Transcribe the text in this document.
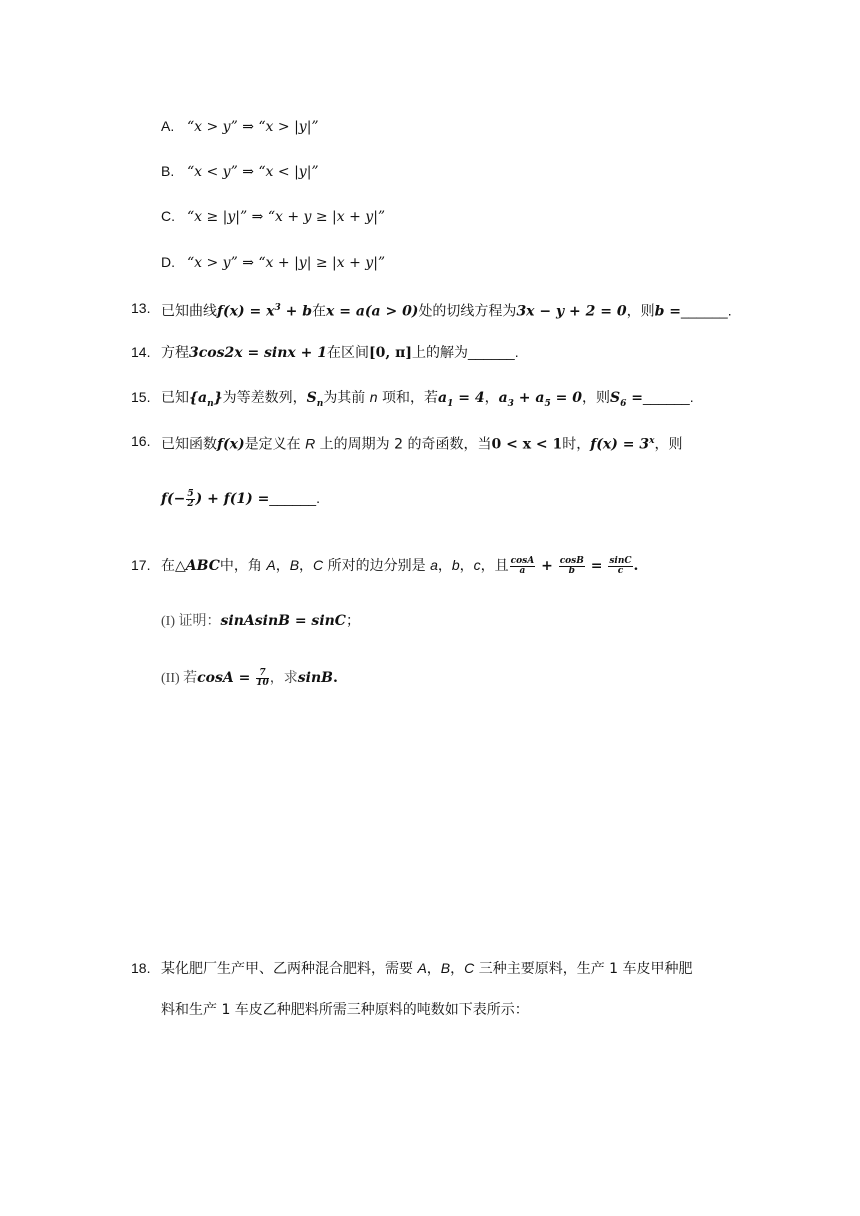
A. “x > y” ⇒ “x > |y|”
B. “x < y” ⇒ “x < |y|”
C. “x ≥ |y|” ⇒ “x + y ≥ |x + y|”
D. “x > y” ⇒ “x + |y| ≥ |x + y|”
13. 已知曲线$f(x) = x^3 + b$在x = a(a > 0)处的切线方程为3x − y + 2 = 0，则b =______.
14. 方程3cos2x = sinx + 1在区间[0, π]上的解为______.
15. 已知$\{a_n\}$为等差数列，$S_n$为其前 n 项和，若$a_1 = 4$，$a_3 + a_5 = 0$，则$S_6$ =______.
16. 已知函数f(x)是定义在 R 上的周期为 2 的奇函数，当0 < x < 1时，$f(x) = 3^x$，则
$f(- \frac{5}{2}$ ) + f(1) =______.
17. 在△ABC中，角 A，B，C 所对的边分别是 a，b，c，且 $\frac{\cos A}{a} + \frac{\cos B}{b} = \frac{\sin C}{c}$ .
(I) 证明：sinAsinB = sinC；
(II) 若$\cos A = \frac{7}{10}$ ，求sinB.
18. 某化肥厂生产甲、乙两种混合肥料，需要 A，B，C 三种主要原料，生产 1 车皮甲种肥
料和生产 1 车皮乙种肥料所需三种原料的吨数如下表所示：
